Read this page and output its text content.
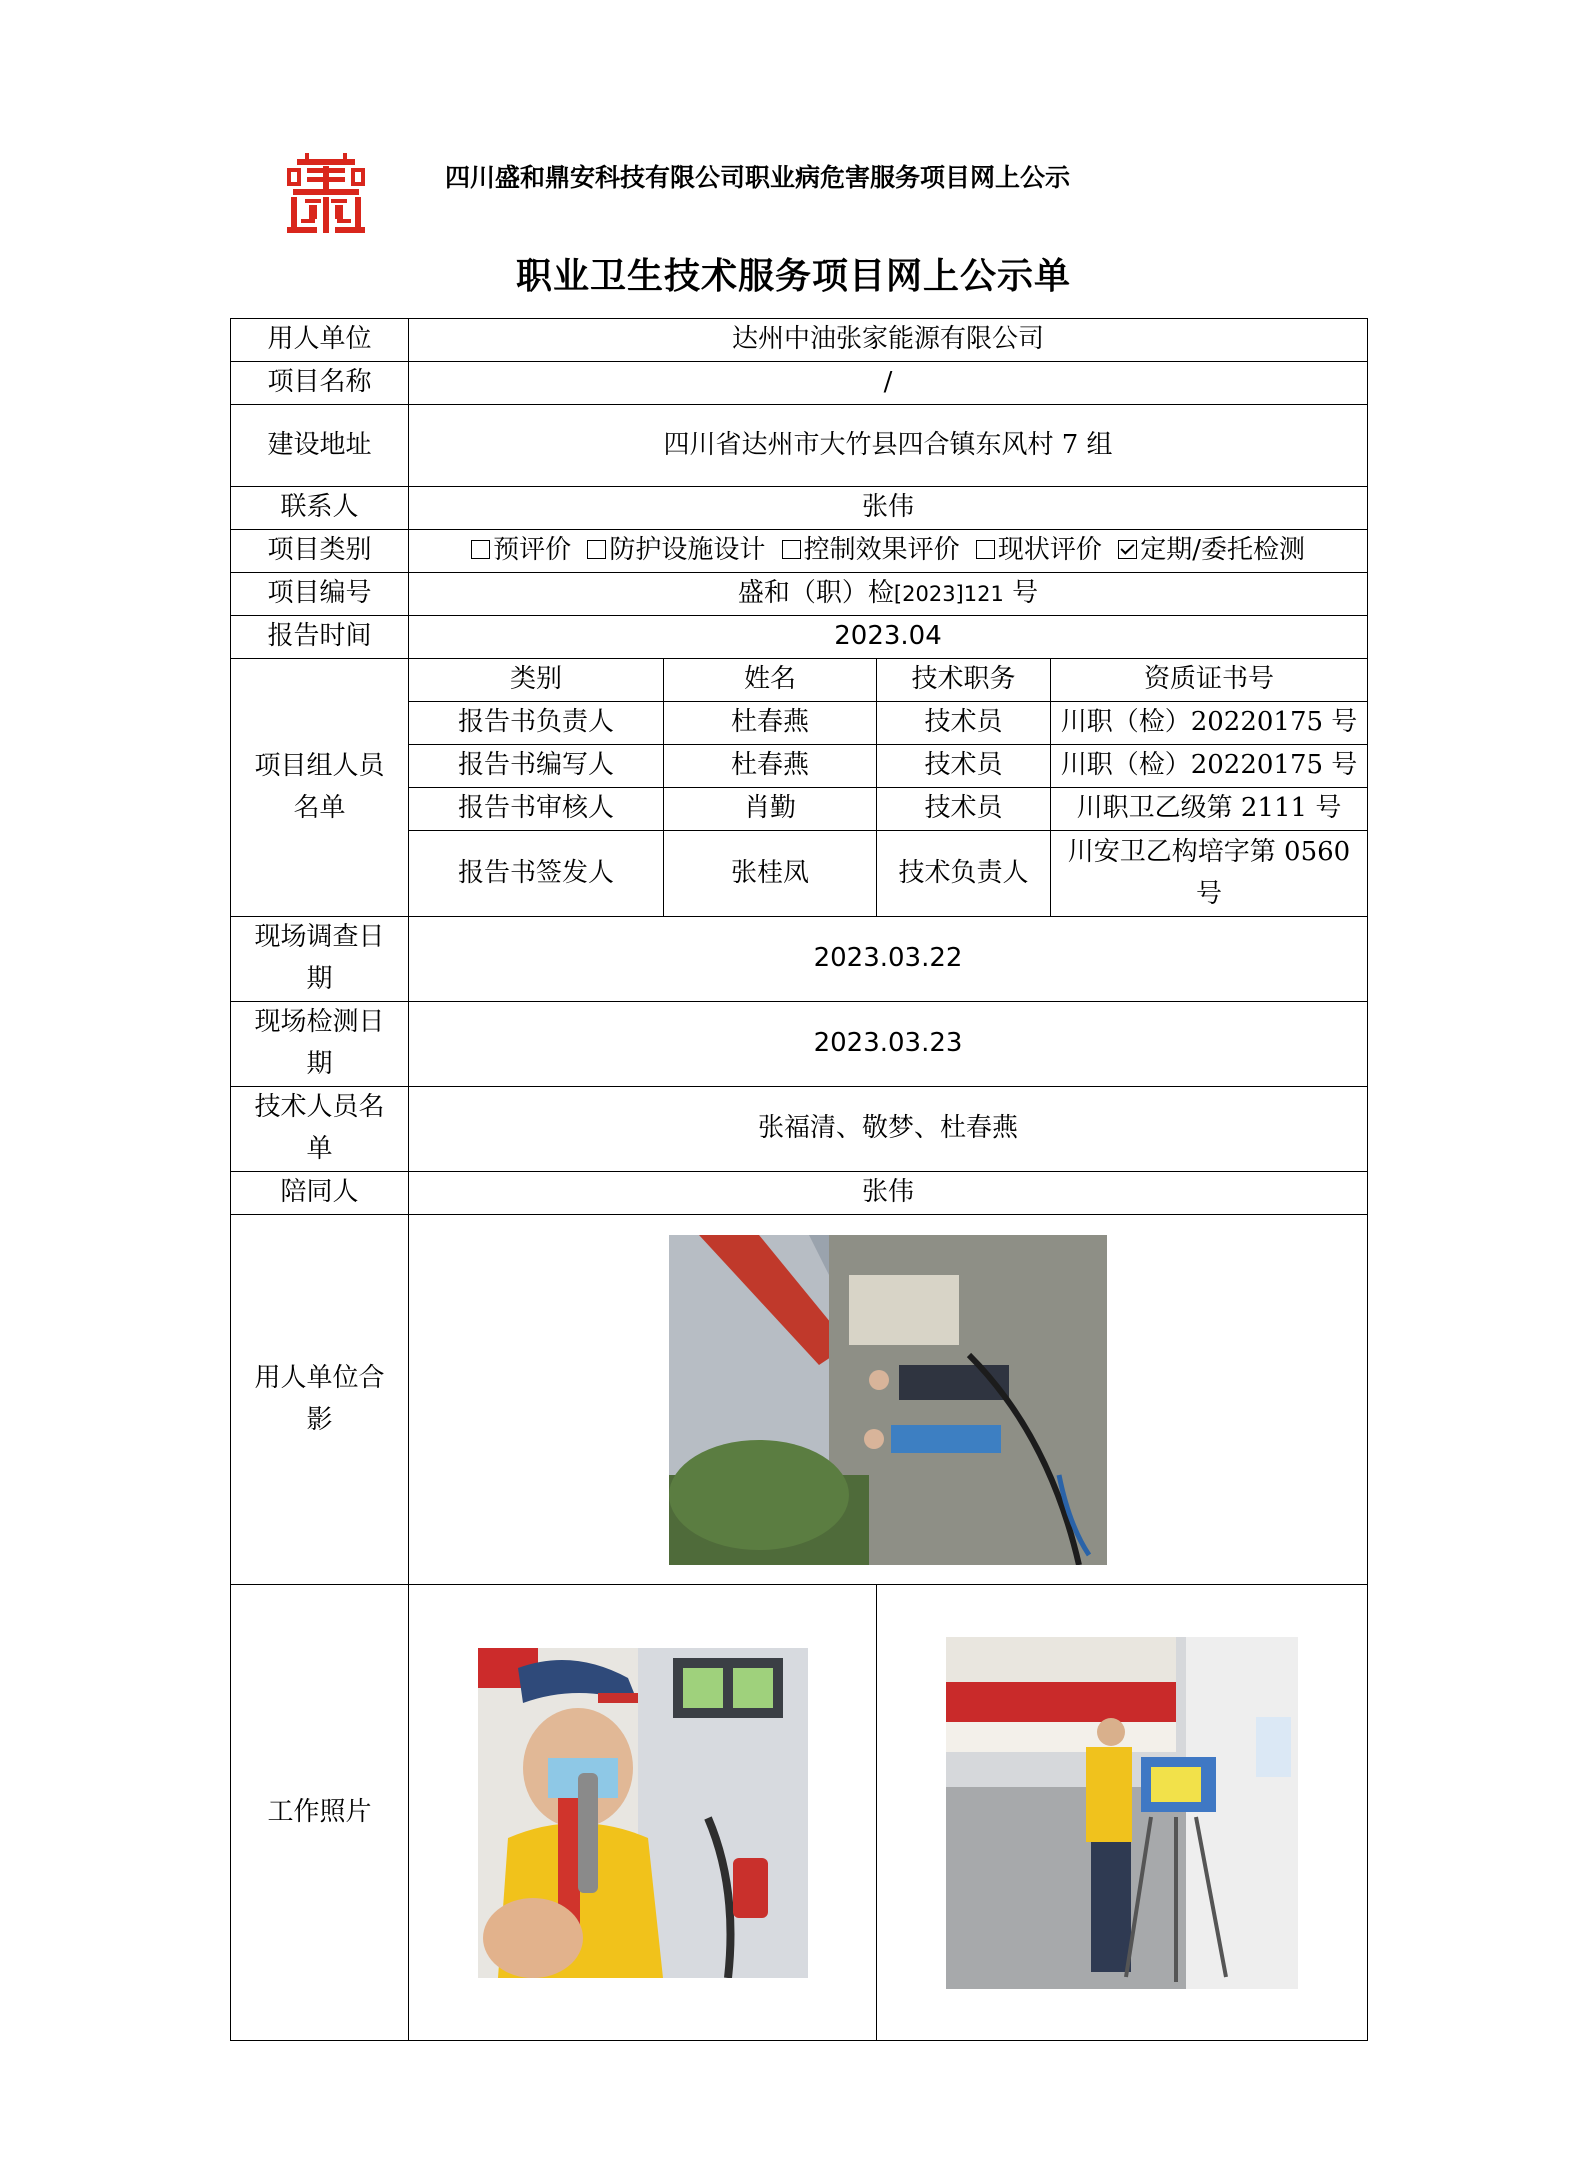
四川盛和鼎安科技有限公司职业病危害服务项目网上公示
职业卫生技术服务项目网上公示单
用人单位	达州中油张家能源有限公司			
项目名称	/			
建设地址	四川省达州市大竹县四合镇东风村 7 组			
联系人	张伟			
项目类别	预评价 防护设施设计 控制效果评价 现状评价 定期/委托检测			
项目编号	盛和（职）检[2023]121 号			
报告时间	2023.04			
项目组人员名单	类别	姓名	技术职务	资质证书号
	报告书负责人	杜春燕	技术员	川职（检）20220175 号
	报告书编写人	杜春燕	技术员	川职（检）20220175 号
	报告书审核人	肖勤	技术员	川职卫乙级第 2111 号
	报告书签发人	张桂凤	技术负责人	川安卫乙构培字第 0560 号
现场调查日期	2023.03.22			
现场检测日期	2023.03.23			
技术人员名单	张福清、敬梦、杜春燕			
陪同人	张伟			
用人单位合影	

工作照片	
